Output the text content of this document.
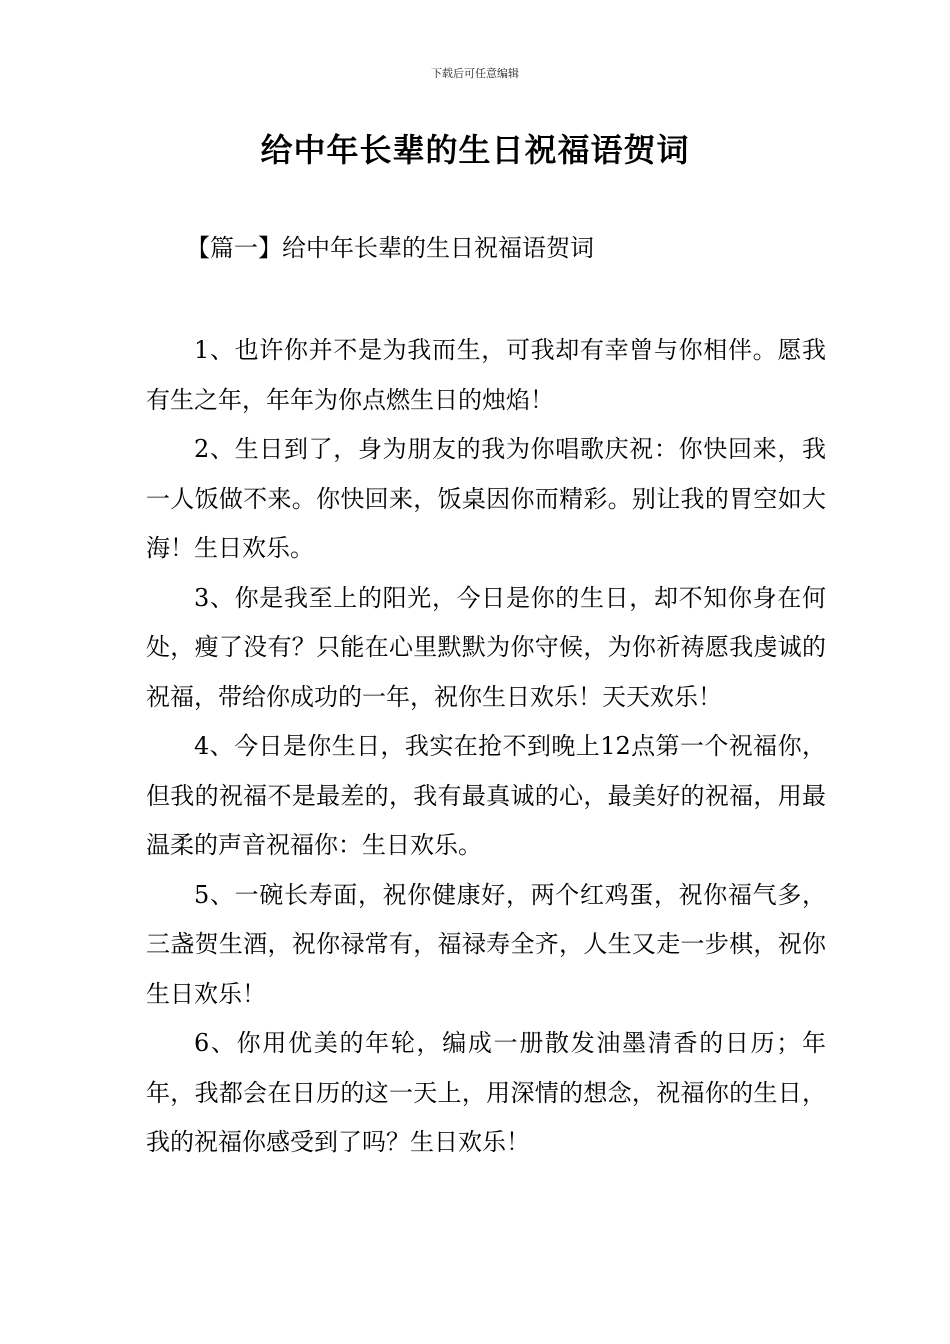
下载后可任意编辑
给中年长辈的生日祝福语贺词
【篇一】给中年长辈的生日祝福语贺词

1、也许你并不是为我而生，可我却有幸曾与你相伴。愿我有生之年，年年为你点燃生日的烛焰！

2、生日到了，身为朋友的我为你唱歌庆祝：你快回来，我一人饭做不来。你快回来，饭桌因你而精彩。别让我的胃空如大海！生日欢乐。

3、你是我至上的阳光，今日是你的生日，却不知你身在何处，瘦了没有？只能在心里默默为你守候，为你祈祷愿我虔诚的祝福，带给你成功的一年，祝你生日欢乐！天天欢乐！

4、今日是你生日，我实在抢不到晚上12点第一个祝福你，但我的祝福不是最差的，我有最真诚的心，最美好的祝福，用最温柔的声音祝福你：生日欢乐。

5、一碗长寿面，祝你健康好，两个红鸡蛋，祝你福气多，三盏贺生酒，祝你禄常有，福禄寿全齐，人生又走一步棋，祝你生日欢乐！

6、你用优美的年轮，编成一册散发油墨清香的日历；年年，我都会在日历的这一天上，用深情的想念，祝福你的生日，我的祝福你感受到了吗？生日欢乐！
